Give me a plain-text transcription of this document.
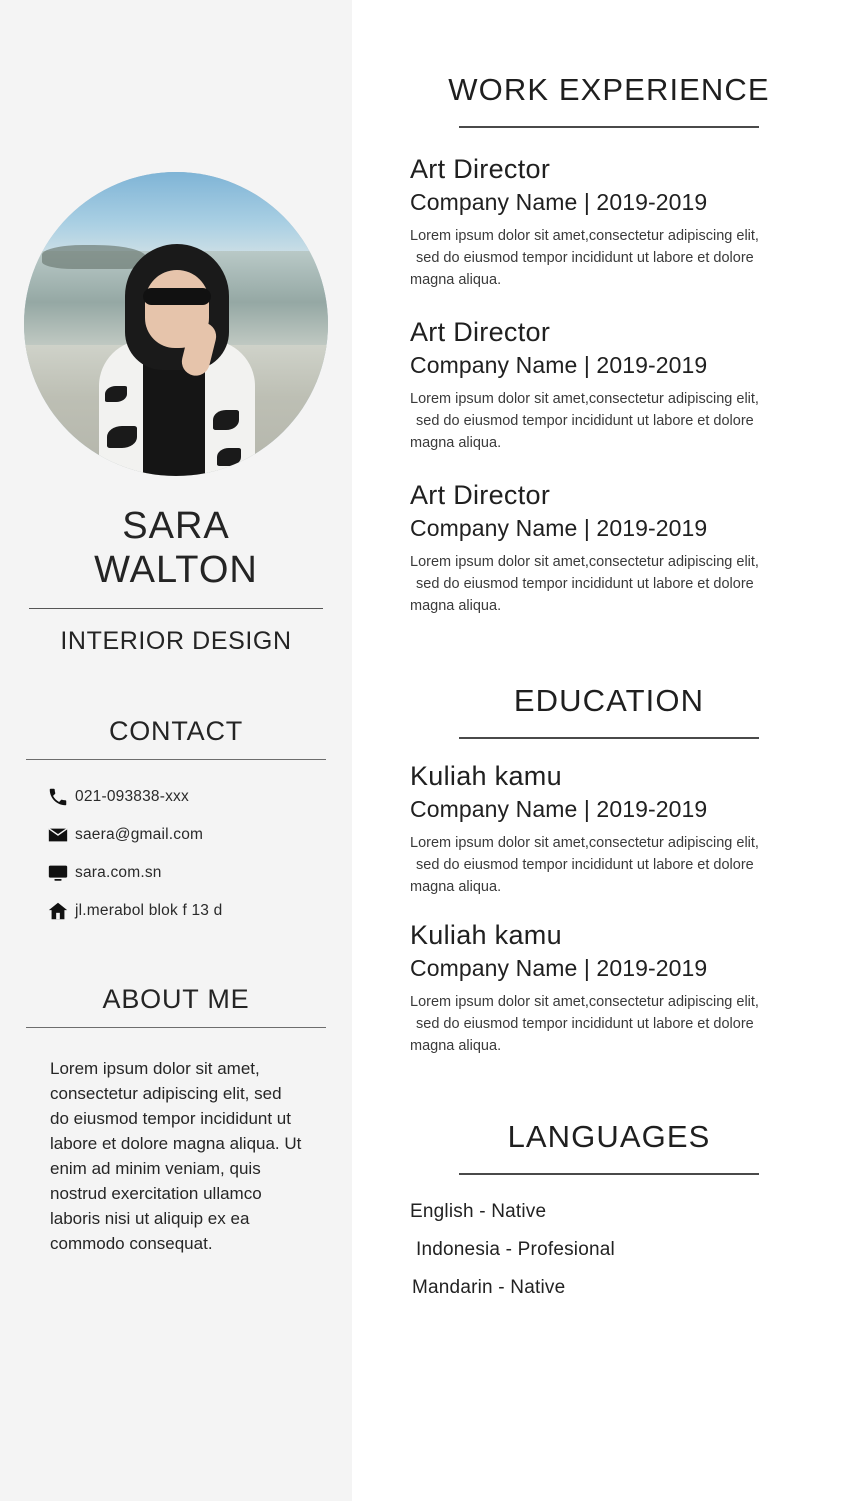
SARA
WALTON
INTERIOR DESIGN
CONTACT
021-093838-xxx
saera@gmail.com
sara.com.sn
jl.merabol blok f 13 d
ABOUT ME
Lorem ipsum dolor sit amet, consectetur adipiscing elit, sed do eiusmod tempor incididunt ut labore et dolore magna aliqua. Ut enim ad minim veniam, quis nostrud exercitation ullamco laboris nisi ut aliquip ex ea commodo consequat.
WORK EXPERIENCE
Art Director
Company Name | 2019-2019
Lorem ipsum dolor sit amet,consectetur adipiscing elit,
sed do eiusmod tempor incididunt ut labore et dolore
magna aliqua.
Art Director
Company Name | 2019-2019
Lorem ipsum dolor sit amet,consectetur adipiscing elit,
sed do eiusmod tempor incididunt ut labore et dolore
magna aliqua.
Art Director
Company Name | 2019-2019
Lorem ipsum dolor sit amet,consectetur adipiscing elit,
sed do eiusmod tempor incididunt ut labore et dolore
magna aliqua.
EDUCATION
Kuliah kamu
Company Name | 2019-2019
Lorem ipsum dolor sit amet,consectetur adipiscing elit,
sed do eiusmod tempor incididunt ut labore et dolore
magna aliqua.
Kuliah kamu
Company Name | 2019-2019
Lorem ipsum dolor sit amet,consectetur adipiscing elit,
sed do eiusmod tempor incididunt ut labore et dolore
magna aliqua.
LANGUAGES
English - Native
Indonesia - Profesional
Mandarin - Native
